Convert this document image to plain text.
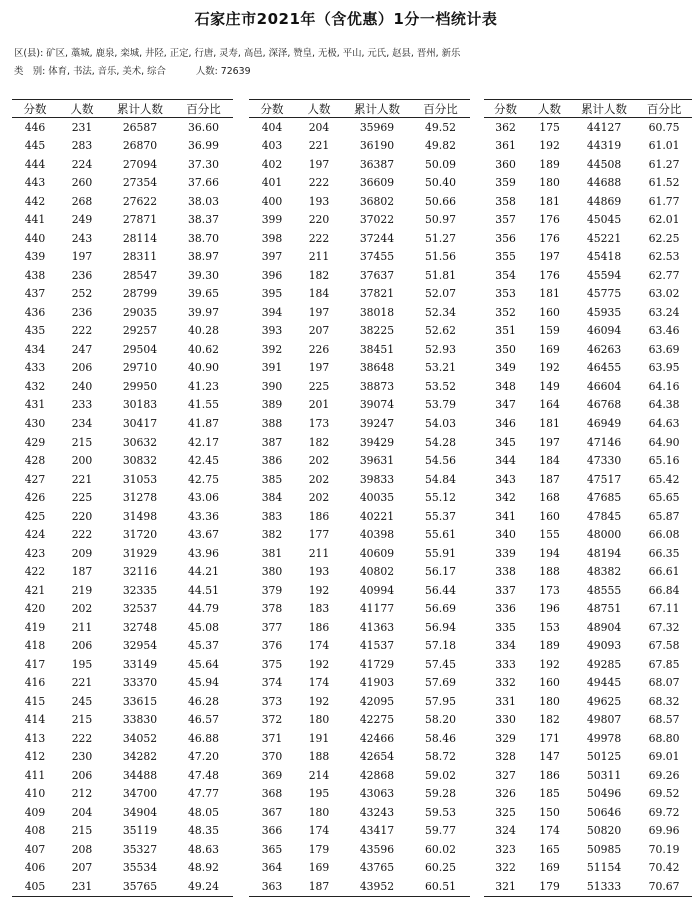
石家庄市2021年（含优惠）1分一档统计表
区(县): 矿区, 藁城, 鹿泉, 栾城, 井陉, 正定, 行唐, 灵寿, 高邑, 深泽, 赞皇, 无极, 平山, 元氏, 赵县, 晋州, 新乐
类　别: 体育, 书法, 音乐, 美术, 综合	人数: 72639
分数	人数	累计人数	百分比
446	231	26587	36.60
445	283	26870	36.99
444	224	27094	37.30
443	260	27354	37.66
442	268	27622	38.03
441	249	27871	38.37
440	243	28114	38.70
439	197	28311	38.97
438	236	28547	39.30
437	252	28799	39.65
436	236	29035	39.97
435	222	29257	40.28
434	247	29504	40.62
433	206	29710	40.90
432	240	29950	41.23
431	233	30183	41.55
430	234	30417	41.87
429	215	30632	42.17
428	200	30832	42.45
427	221	31053	42.75
426	225	31278	43.06
425	220	31498	43.36
424	222	31720	43.67
423	209	31929	43.96
422	187	32116	44.21
421	219	32335	44.51
420	202	32537	44.79
419	211	32748	45.08
418	206	32954	45.37
417	195	33149	45.64
416	221	33370	45.94
415	245	33615	46.28
414	215	33830	46.57
413	222	34052	46.88
412	230	34282	47.20
411	206	34488	47.48
410	212	34700	47.77
409	204	34904	48.05
408	215	35119	48.35
407	208	35327	48.63
406	207	35534	48.92
405	231	35765	49.24
分数	人数	累计人数	百分比
404	204	35969	49.52
403	221	36190	49.82
402	197	36387	50.09
401	222	36609	50.40
400	193	36802	50.66
399	220	37022	50.97
398	222	37244	51.27
397	211	37455	51.56
396	182	37637	51.81
395	184	37821	52.07
394	197	38018	52.34
393	207	38225	52.62
392	226	38451	52.93
391	197	38648	53.21
390	225	38873	53.52
389	201	39074	53.79
388	173	39247	54.03
387	182	39429	54.28
386	202	39631	54.56
385	202	39833	54.84
384	202	40035	55.12
383	186	40221	55.37
382	177	40398	55.61
381	211	40609	55.91
380	193	40802	56.17
379	192	40994	56.44
378	183	41177	56.69
377	186	41363	56.94
376	174	41537	57.18
375	192	41729	57.45
374	174	41903	57.69
373	192	42095	57.95
372	180	42275	58.20
371	191	42466	58.46
370	188	42654	58.72
369	214	42868	59.02
368	195	43063	59.28
367	180	43243	59.53
366	174	43417	59.77
365	179	43596	60.02
364	169	43765	60.25
363	187	43952	60.51
分数	人数	累计人数	百分比
362	175	44127	60.75
361	192	44319	61.01
360	189	44508	61.27
359	180	44688	61.52
358	181	44869	61.77
357	176	45045	62.01
356	176	45221	62.25
355	197	45418	62.53
354	176	45594	62.77
353	181	45775	63.02
352	160	45935	63.24
351	159	46094	63.46
350	169	46263	63.69
349	192	46455	63.95
348	149	46604	64.16
347	164	46768	64.38
346	181	46949	64.63
345	197	47146	64.90
344	184	47330	65.16
343	187	47517	65.42
342	168	47685	65.65
341	160	47845	65.87
340	155	48000	66.08
339	194	48194	66.35
338	188	48382	66.61
337	173	48555	66.84
336	196	48751	67.11
335	153	48904	67.32
334	189	49093	67.58
333	192	49285	67.85
332	160	49445	68.07
331	180	49625	68.32
330	182	49807	68.57
329	171	49978	68.80
328	147	50125	69.01
327	186	50311	69.26
326	185	50496	69.52
325	150	50646	69.72
324	174	50820	69.96
323	165	50985	70.19
322	169	51154	70.42
321	179	51333	70.67
